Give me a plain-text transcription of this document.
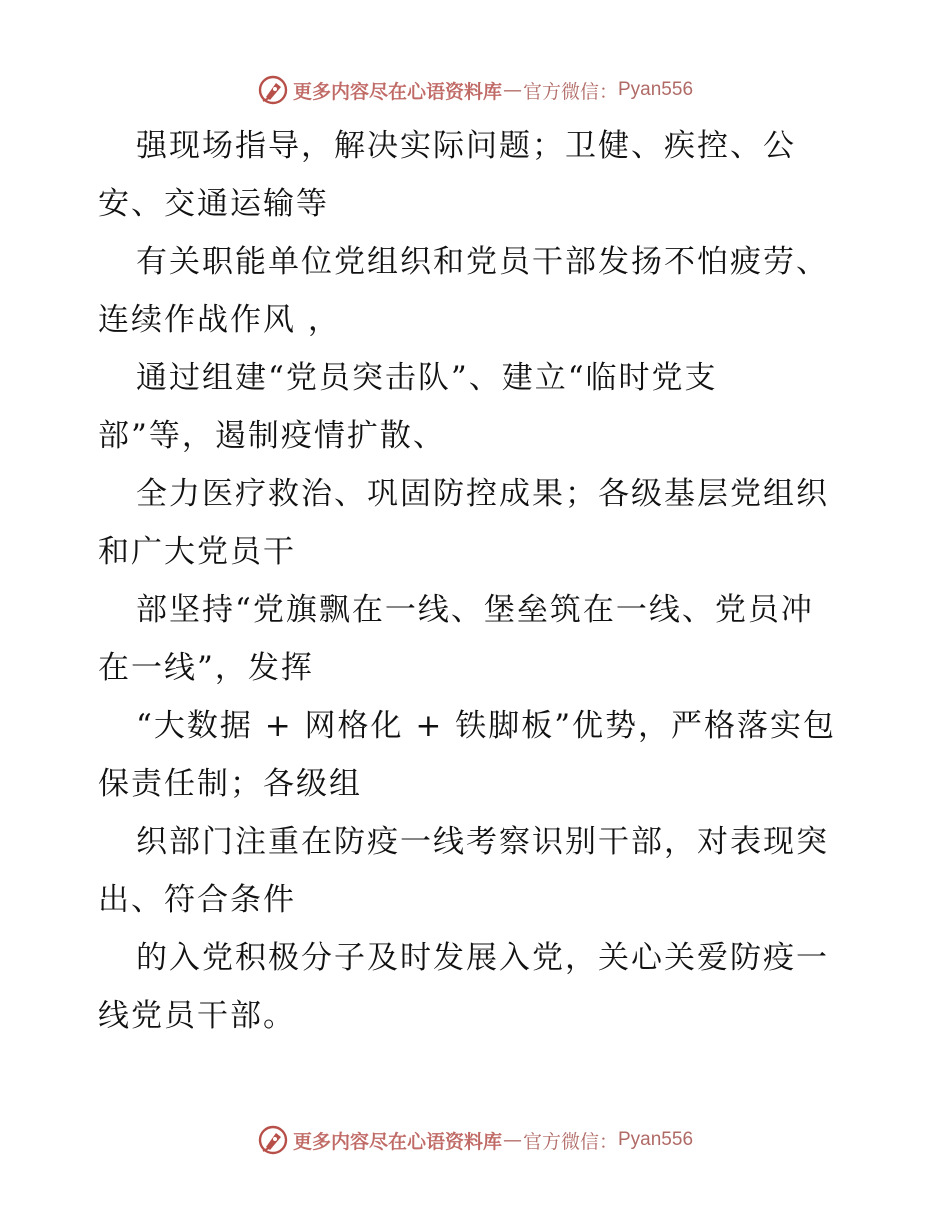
更多内容尽在心语资料库 — 官方微信： Pyan556
强现场指导，解决实际问题；卫健、疾控、公
安、交通运输等
有关职能单位党组织和党员干部发扬不怕疲劳、
连续作战作风 ，
通过组建“党员突击队”、建立“临时党支
部”等，遏制疫情扩散、
全力医疗救治、巩固防控成果；各级基层党组织
和广大党员干
部坚持“党旗飘在一线、堡垒筑在一线、党员冲
在一线”，发挥
“大数据 + 网格化 + 铁脚板”优势，严格落实包
保责任制；各级组
织部门注重在防疫一线考察识别干部，对表现突
出、符合条件
的入党积极分子及时发展入党，关心关爱防疫一
线党员干部。
更多内容尽在心语资料库 — 官方微信： Pyan556
